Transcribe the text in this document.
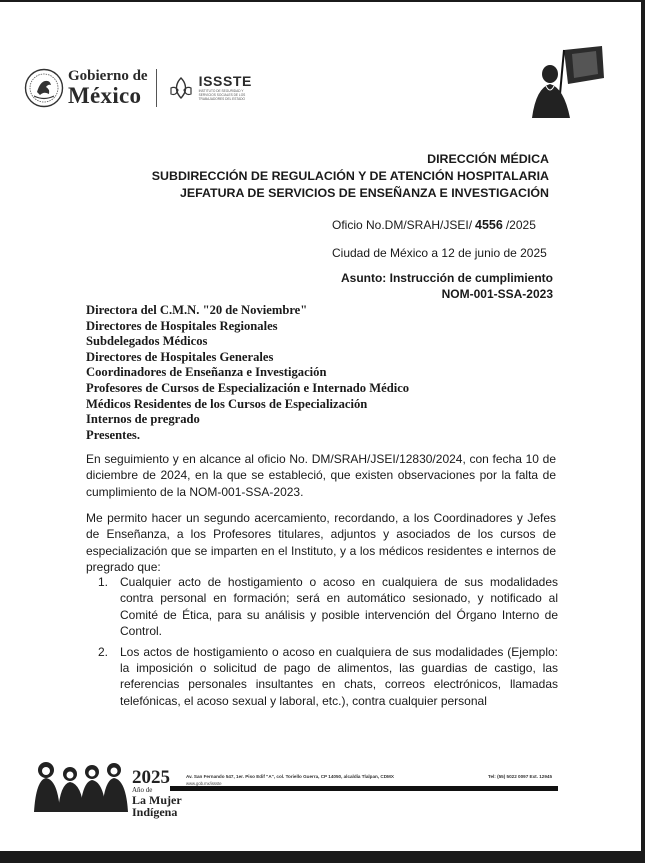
Gobierno de
México
ISSSTE
INSTITUTO DE SEGURIDAD Y SERVICIOS SOCIALES DE LOS TRABAJADORES DEL ESTADO
DIRECCIÓN MÉDICA
SUBDIRECCIÓN DE REGULACIÓN Y DE ATENCIÓN HOSPITALARIA
JEFATURA DE SERVICIOS DE ENSEÑANZA E INVESTIGACIÓN
Oficio No.DM/SRAH/JSEI/ 4556 /2025
Ciudad de México a 12 de junio de 2025
Asunto: Instrucción de cumplimiento
NOM-001-SSA-2023
Directora del C.M.N. "20 de Noviembre"
Directores de Hospitales Regionales
Subdelegados Médicos
Directores de Hospitales Generales
Coordinadores de Enseñanza e Investigación
Profesores de Cursos de Especialización e Internado Médico
Médicos Residentes de los Cursos de Especialización
Internos de pregrado
Presentes.
En seguimiento y en alcance al oficio No. DM/SRAH/JSEI/12830/2024, con fecha 10 de diciembre de 2024, en la que se estableció, que existen observaciones por la falta de cumplimiento de la NOM-001-SSA-2023.
Me permito hacer un segundo acercamiento, recordando, a los Coordinadores y Jefes de Enseñanza, a los Profesores titulares, adjuntos y asociados de los cursos de especialización que se imparten en el Instituto, y a los médicos residentes e internos de pregrado que:
1. Cualquier acto de hostigamiento o acoso en cualquiera de sus modalidades contra personal en formación; será en automático sesionado, y notificado al Comité de Ética, para su análisis y posible intervención del Órgano Interno de Control.
2. Los actos de hostigamiento o acoso en cualquiera de sus modalidades (Ejemplo: la imposición o solicitud de pago de alimentos, las guardias de castigo, las referencias personales insultantes en chats, correos electrónicos, llamadas telefónicas, el acoso sexual y laboral, etc.), contra cualquier personal
2025
Año de
La Mujer
Indígena
Av. San Fernando 547, 1er. Piso Edif "A", col. Toriello Guerra, CP 14050, alcaldía Tlalpan, CDMX
www.gob.mx/issste
Tel: (55) 5022 0097 Ext. 12945
